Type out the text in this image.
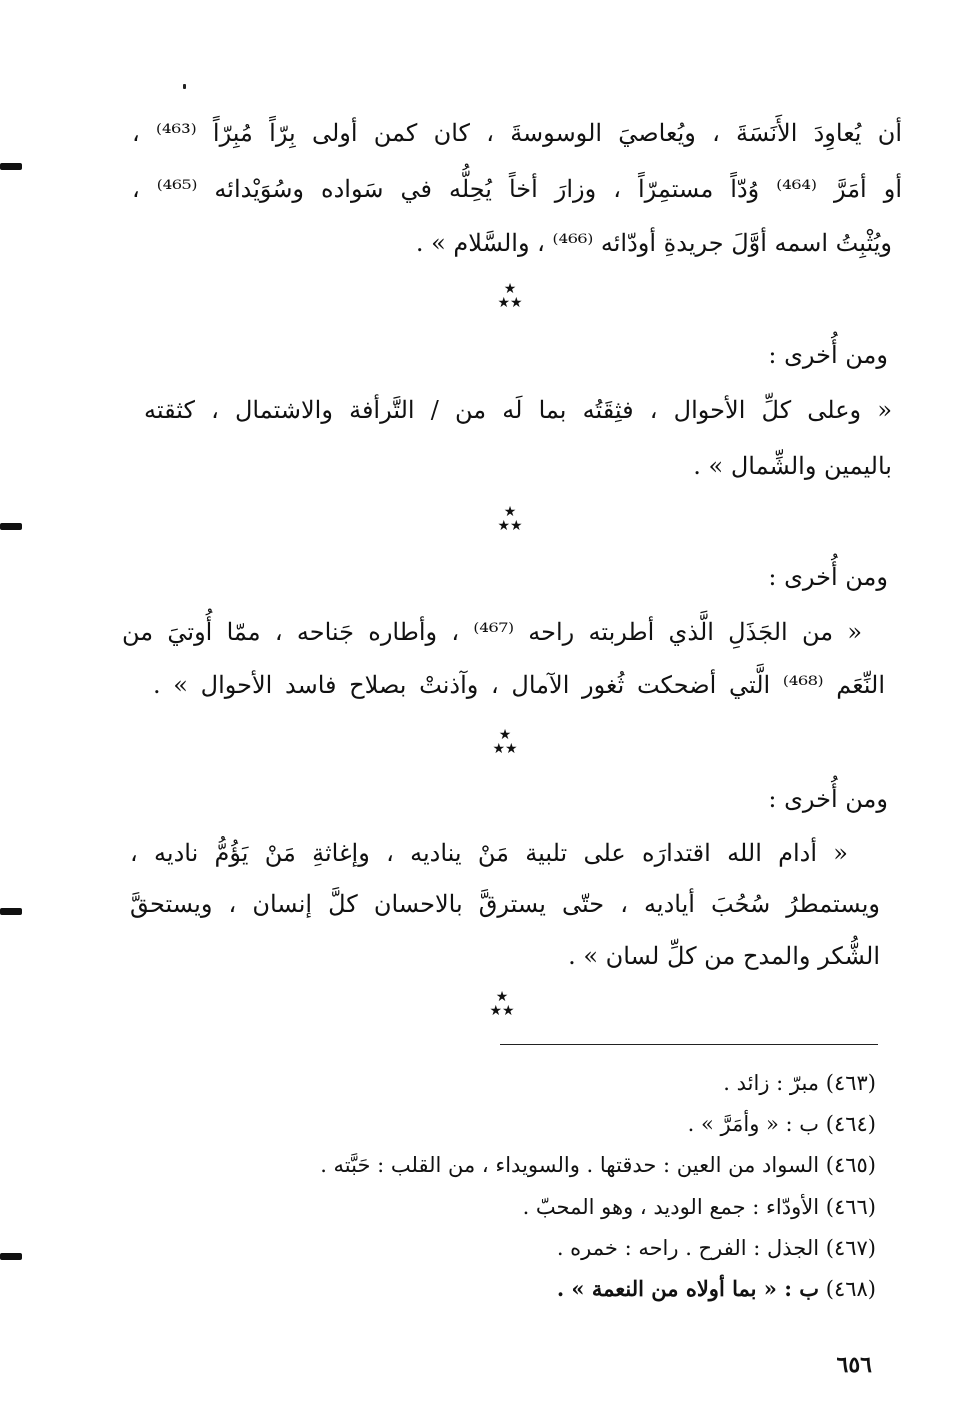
أن يُعاوِدَ الأَنَسَةَ ، ويُعاصيَ الوسوسةَ ، كان كمن أولى بِرّاً مُبِرّاً ⁽⁴⁶³⁾ ،
أو أمَرَّ ⁽⁴⁶⁴⁾ وُدّاً مستمِرّاً ، وزارَ أخاً يُحِلُّه في سَواده وسُوَيْدائه ⁽⁴⁶⁵⁾ ،
ويُثْبِتُ اسمه أوَّلَ جريدةِ أودّائه ⁽⁴⁶⁶⁾ ، والسَّلام » .
★
★★
ومن أُخرى :
« وعلى كلِّ الأحوال ، فثِقَتُه بما لَه من / التَّرأفة والاشتمال ، كثقته
باليمين والشِّمال » .
★
★★
ومن أُخرى :
« من الجَذَلِ الَّذي أطربته راحه ⁽⁴⁶⁷⁾ ، وأطاره جَناحه ، ممّا أُوتيَ من
النِّعَم ⁽⁴⁶⁸⁾ الَّتي أضحكت ثُغور الآمال ، وآذنتْ بصلاح فاسد الأحوال » .
★
★★
ومن أُخرى :
« أدام الله اقتدارَه على تلبية مَنْ يناديه ، وإغاثةِ مَنْ يَؤُمُّ ناديه ،
ويستمطرُ سُحُبَ أياديه ، حتّى يسترقَّ بالاحسان كلَّ إنسان ، ويستحقَّ
الشُّكر والمدح من كلِّ لسان » .
★
★★
(٤٦٣) مبرّ : زائد .
(٤٦٤) ب : « وأمَرَّ » .
(٤٦٥) السواد من العين : حدقتها . والسويداء ، من القلب : حَبَّته .
(٤٦٦) الأودّاء : جمع الوديد ، وهو المحبّ .
(٤٦٧) الجذل : الفرح . راحه : خمره .
(٤٦٨) ب : « بما أولاه من النعمة » .
٦٥٦
